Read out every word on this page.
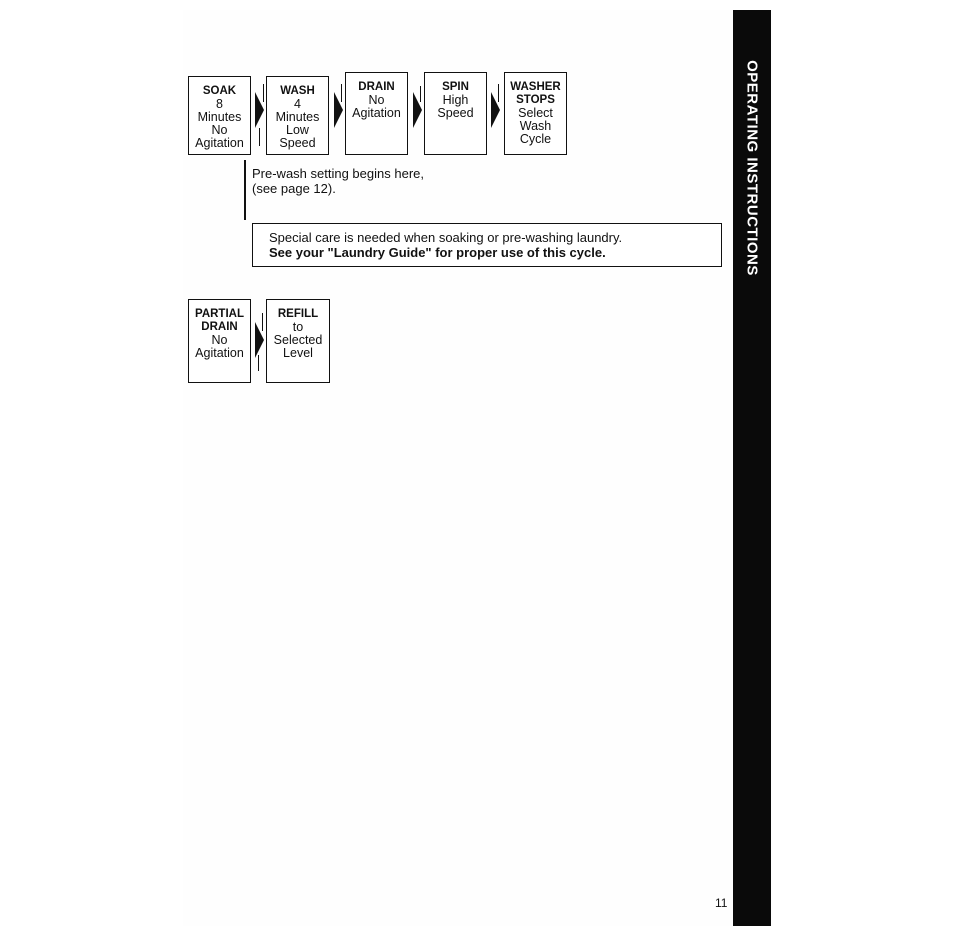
OPERATING INSTRUCTIONS
SOAK
8
Minutes
No
Agitation
WASH
4
Minutes
Low
Speed
DRAIN
No
Agitation
SPIN
High
Speed
WASHER
STOPS
Select
Wash
Cycle
Pre-wash setting begins here,
(see page 12).
Special care is needed when soaking or pre-washing laundry.
See your "Laundry Guide" for proper use of this cycle.
PARTIAL
DRAIN
No
Agitation
REFILL
to
Selected
Level
11
